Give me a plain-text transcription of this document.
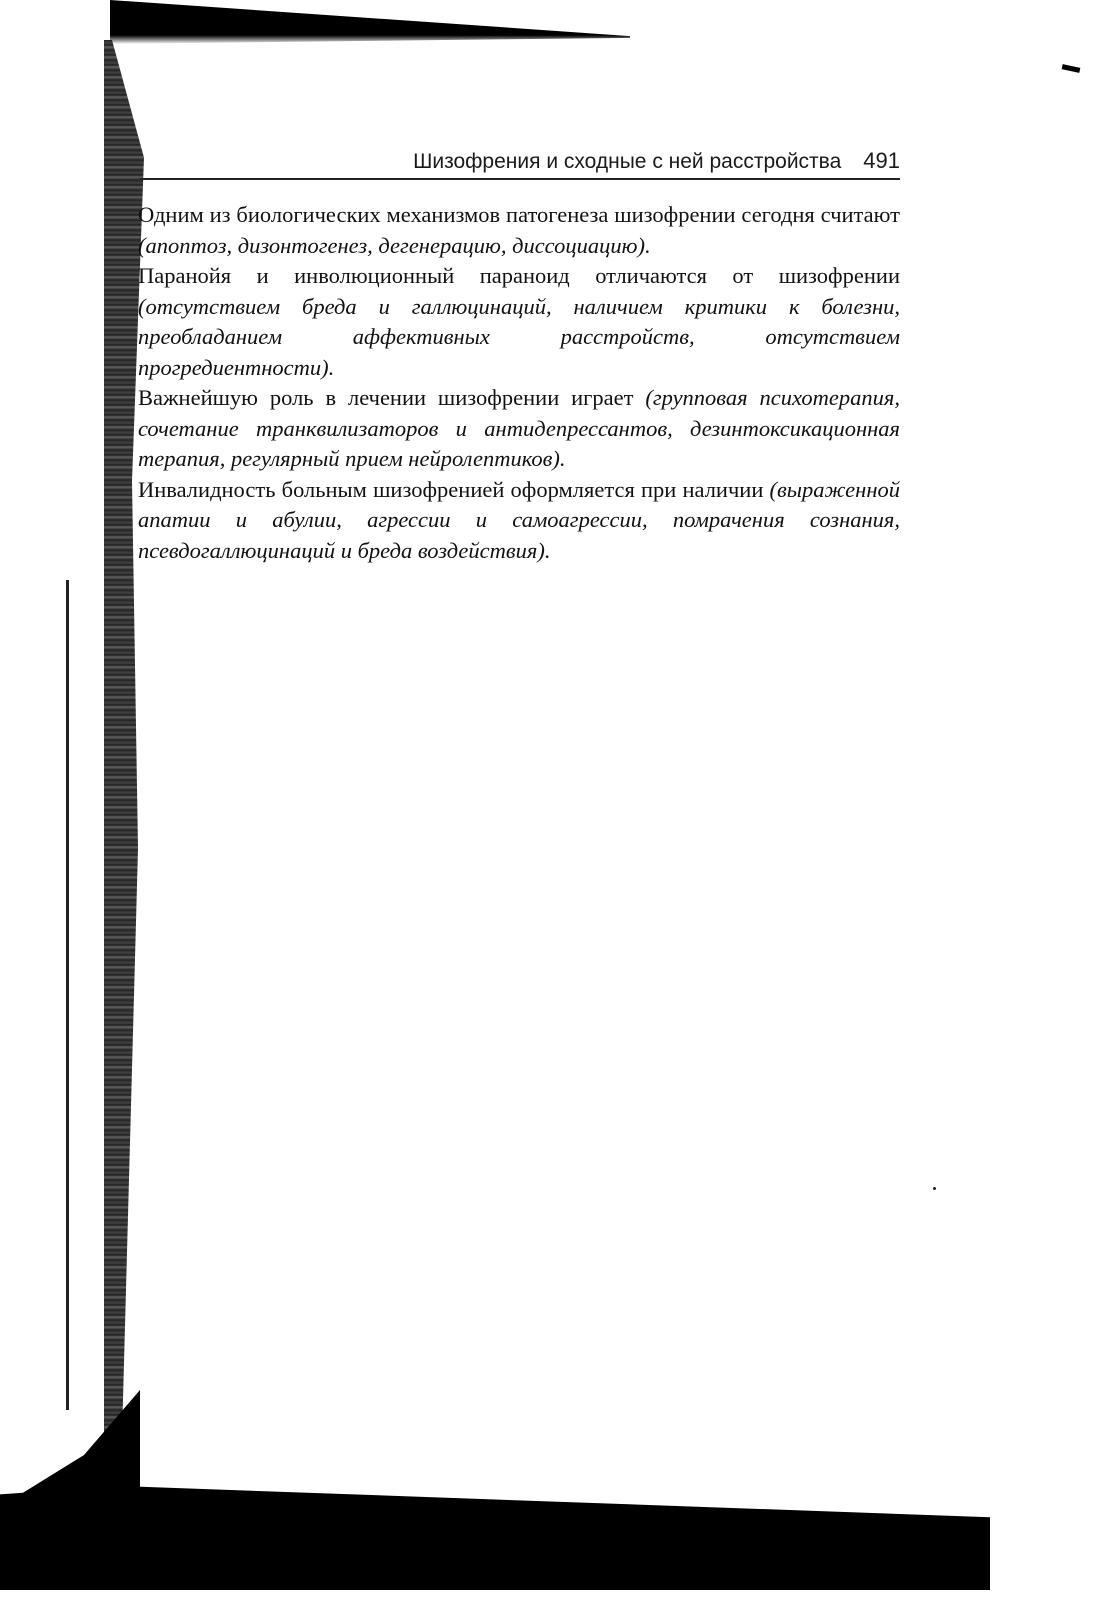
Шизофрения и сходные с ней расстройства 491

Одним из биологических механизмов патогенеза шизофрении сегодня считают (апоптоз, дизонтогенез, дегенерацию, диссоциацию).

Паранойя и инволюционный параноид отличаются от шизофрении (отсутствием бреда и галлюцинаций, наличием критики к болезни, преобладанием аффективных расстройств, отсутствием прогредиентности).

Важнейшую роль в лечении шизофрении играет (групповая психотерапия, сочетание транквилизаторов и антидепрессантов, дезинтоксикационная терапия, регулярный прием нейролептиков).

Инвалидность больным шизофренией оформляется при наличии (выраженной апатии и абулии, агрессии и самоагрессии, помрачения сознания, псевдогаллюцинаций и бреда воздействия).
